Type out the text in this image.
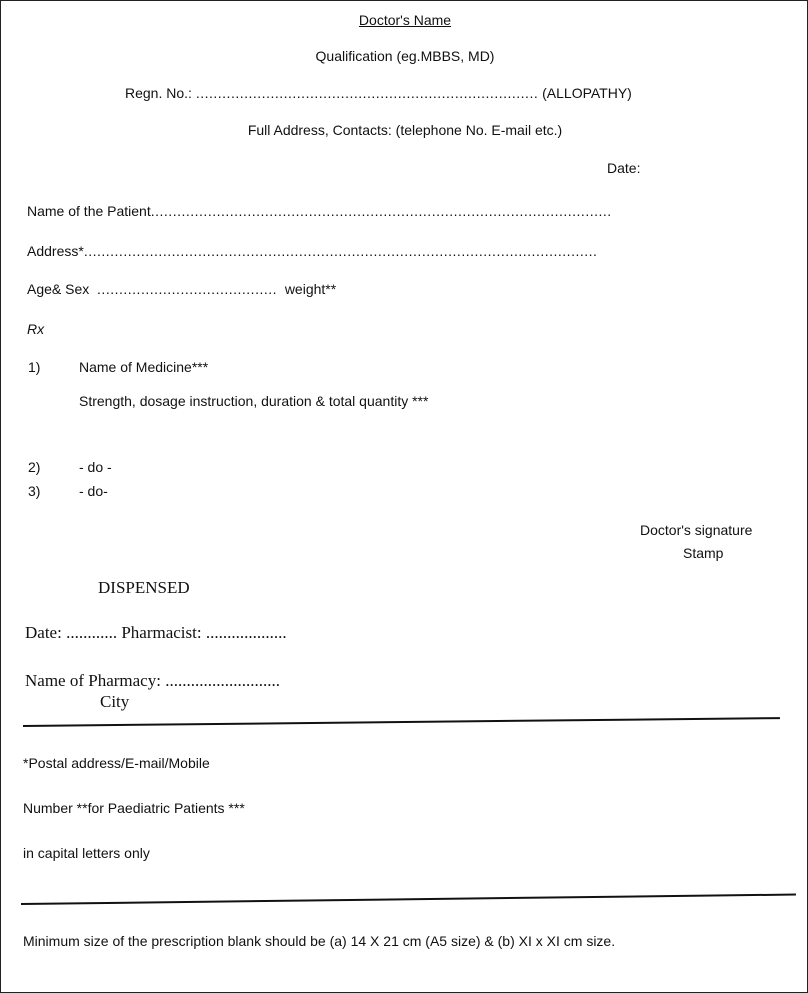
Doctor's Name
Qualification (eg.MBBS, MD)
Regn. No.: .............................................................................. (ALLOPATHY)
Full Address, Contacts: (telephone No. E-mail etc.)
Date:
Name of the Patient.........................................................................................................
Address*.....................................................................................................................
Age& Sex ......................................... weight**
Rx
1)	Name of Medicine***
Strength, dosage instruction, duration & total quantity ***
2)	- do -
3)	- do-
Doctor's signature
Stamp
DISPENSED
Date: ............ Pharmacist: ...................
Name of Pharmacy: ...........................
City
*Postal address/E-mail/Mobile
Number **for Paediatric Patients ***
in capital letters only
Minimum size of the prescription blank should be (a) 14 X 21 cm (A5 size) & (b) XI x XI cm size.
